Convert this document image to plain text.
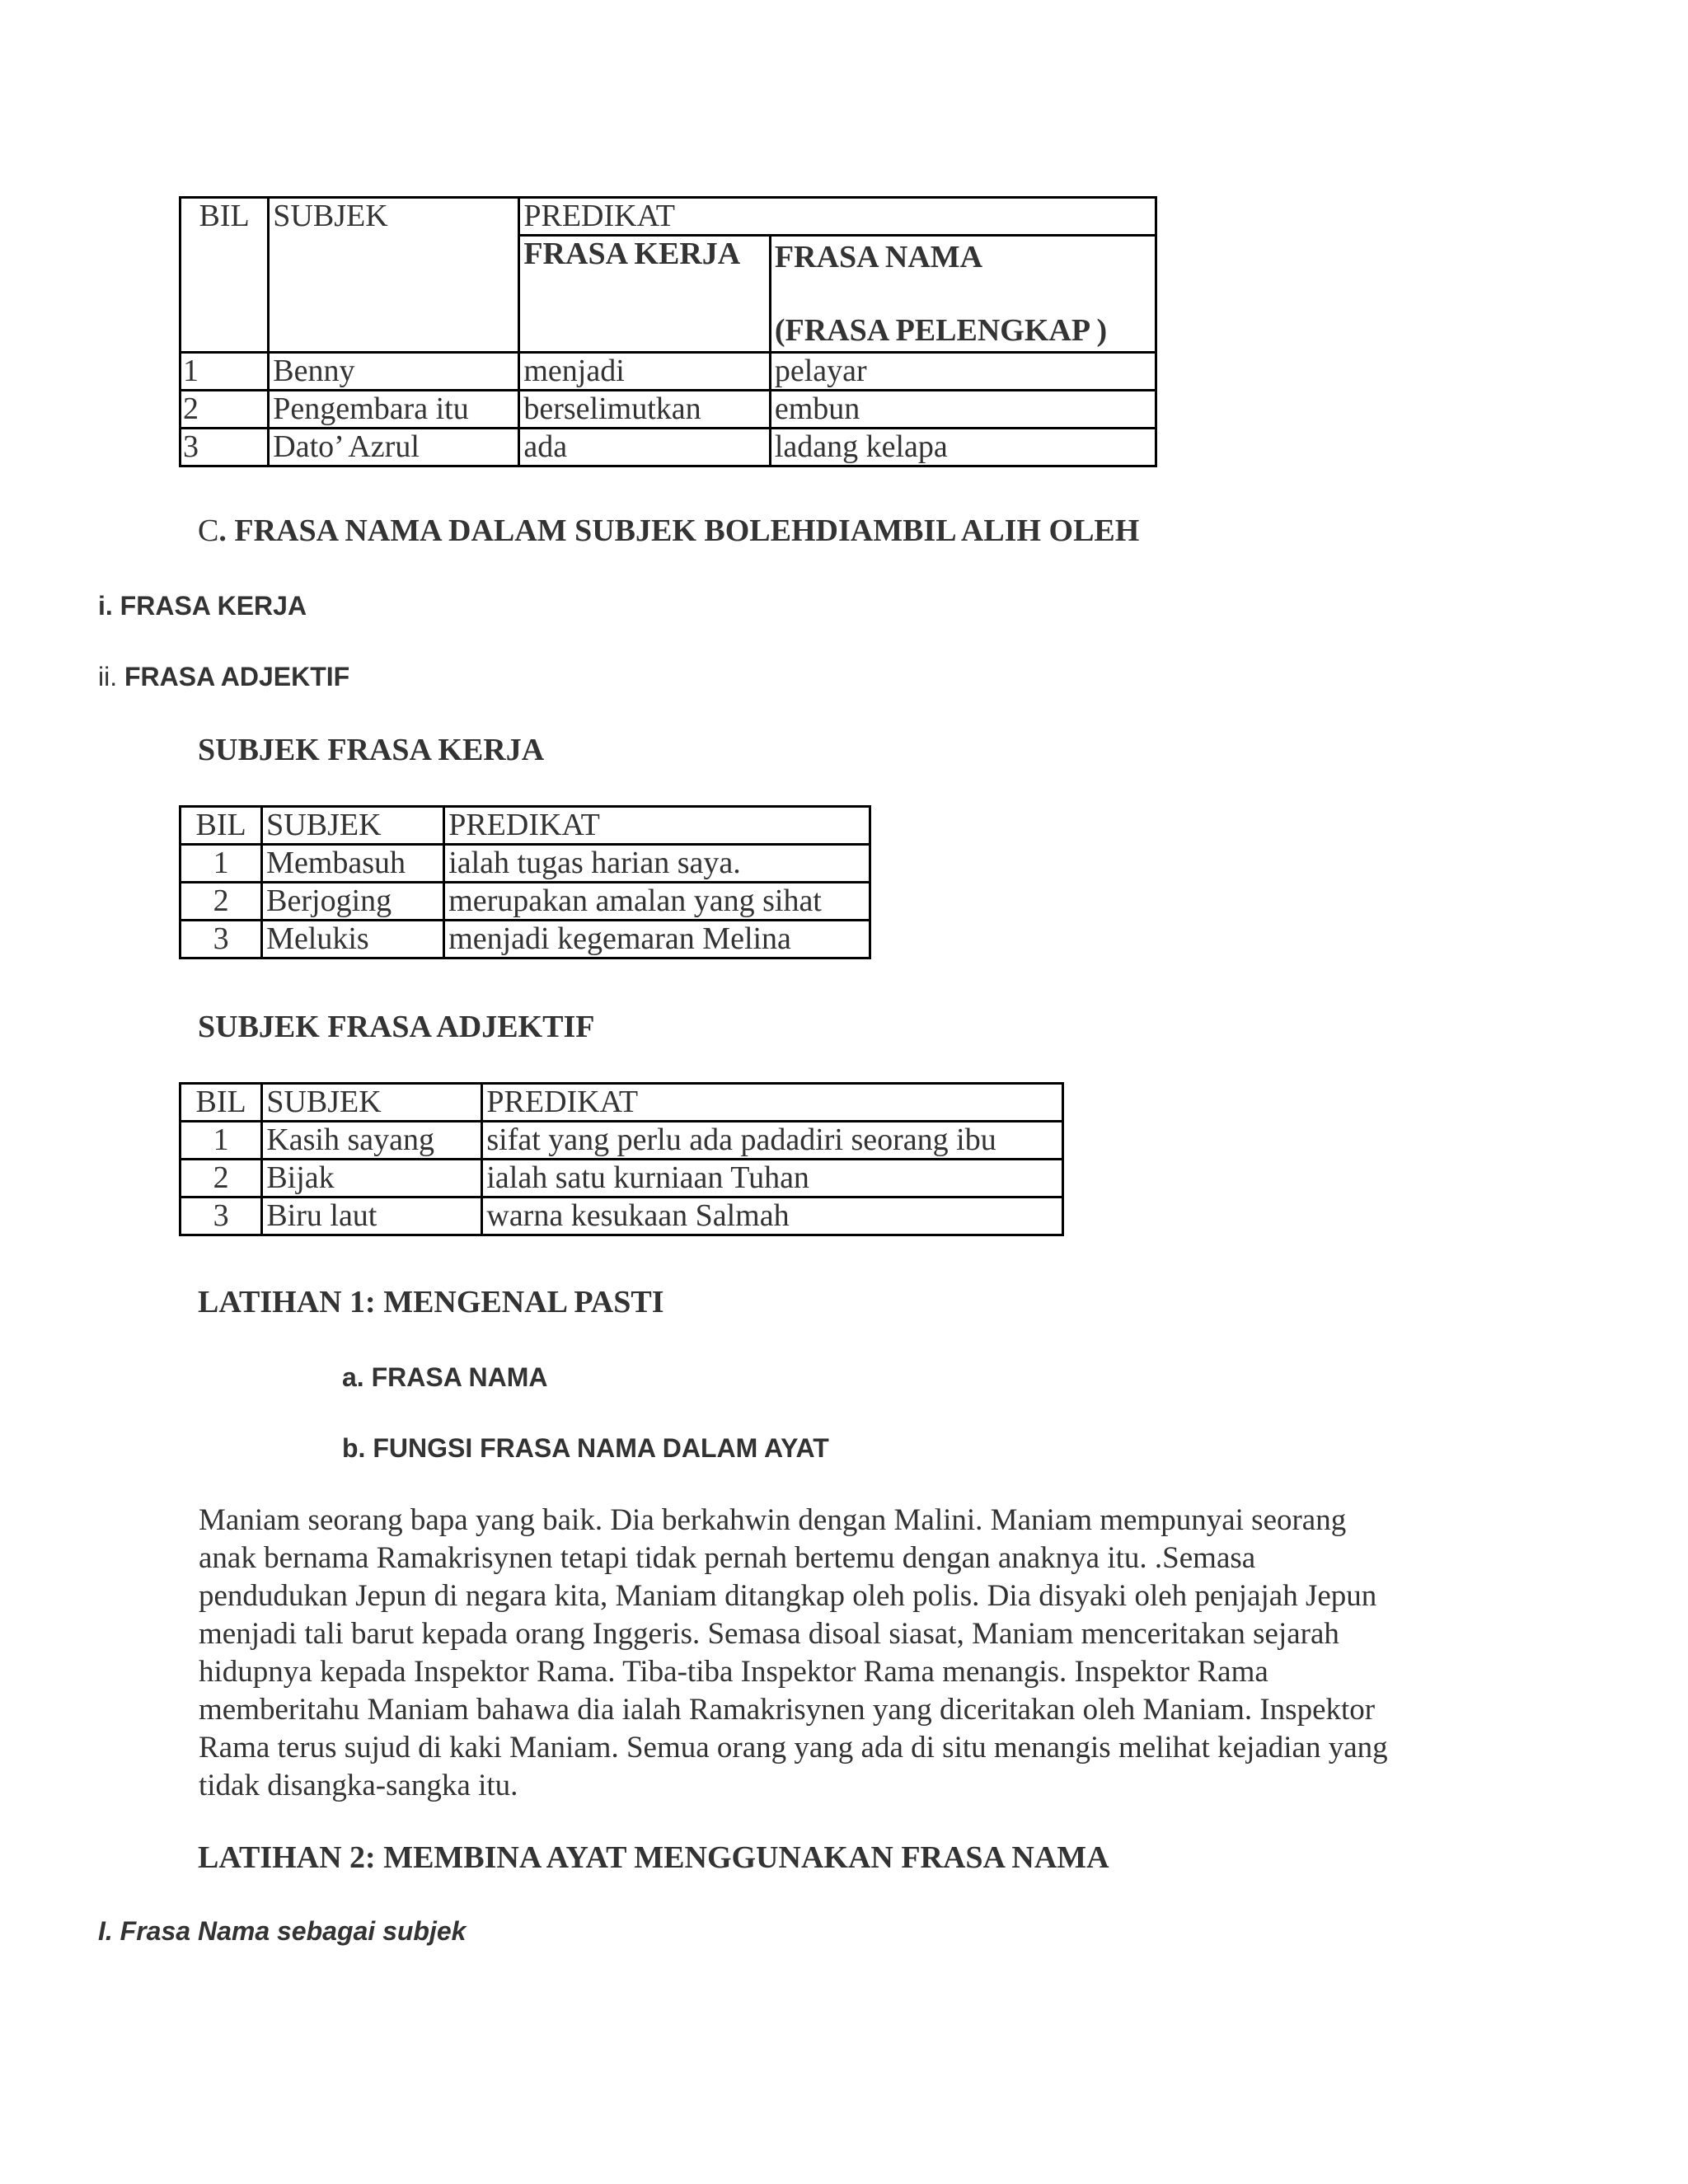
BIL	SUBJEK	PREDIKAT	
		FRASA KERJA	FRASA NAMA
(FRASA PELENGKAP )

1	Benny	menjadi	pelayar
2	Pengembara itu	berselimutkan	embun
3	Dato’ Azrul	ada	ladang kelapa
C. FRASA NAMA DALAM SUBJEK BOLEHDIAMBIL ALIH OLEH
i. FRASA KERJA
ii. FRASA ADJEKTIF
SUBJEK FRASA KERJA
BIL	SUBJEK	PREDIKAT
1	Membasuh	ialah tugas harian saya.
2	Berjoging	merupakan amalan yang sihat
3	Melukis	menjadi kegemaran Melina
SUBJEK FRASA ADJEKTIF
BIL	SUBJEK	PREDIKAT
1	Kasih sayang	sifat yang perlu ada padadiri seorang ibu
2	Bijak	ialah satu kurniaan Tuhan
3	Biru laut	warna kesukaan Salmah
LATIHAN 1: MENGENAL PASTI
a. FRASA NAMA
b. FUNGSI FRASA NAMA DALAM AYAT
Maniam seorang bapa yang baik. Dia berkahwin dengan Malini. Maniam mempunyai seorang
anak bernama Ramakrisynen tetapi tidak pernah bertemu dengan anaknya itu. .Semasa
pendudukan Jepun di negara kita, Maniam ditangkap oleh polis. Dia disyaki oleh penjajah Jepun
menjadi tali barut kepada orang Inggeris. Semasa disoal siasat, Maniam menceritakan sejarah
hidupnya kepada Inspektor Rama. Tiba-tiba Inspektor Rama menangis. Inspektor Rama
memberitahu Maniam bahawa dia ialah Ramakrisynen yang diceritakan oleh Maniam. Inspektor
Rama terus sujud di kaki Maniam. Semua orang yang ada di situ menangis melihat kejadian yang
tidak disangka-sangka itu.
LATIHAN 2: MEMBINA AYAT MENGGUNAKAN FRASA NAMA
I. Frasa Nama sebagai subjek
